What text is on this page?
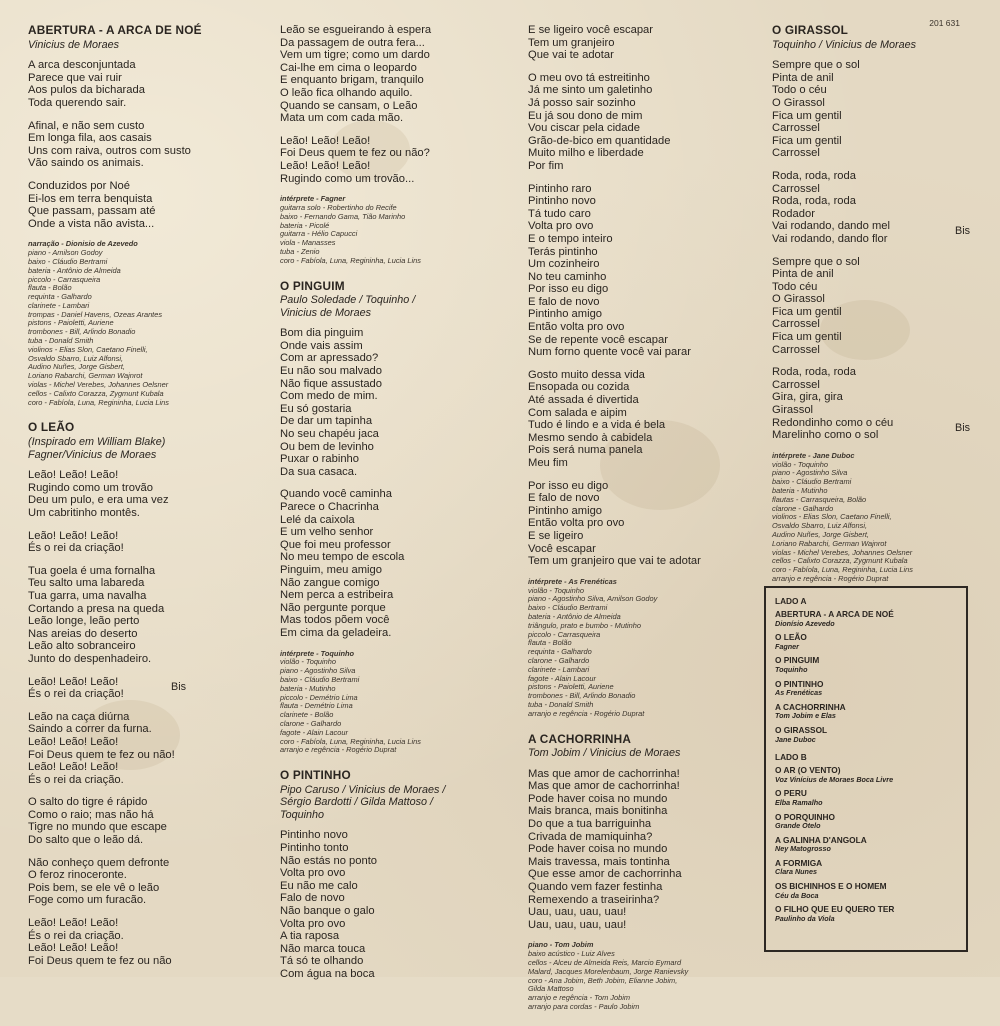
201 631
ABERTURA - A ARCA DE NOÉ
Vinicius de Moraes
A arca desconjuntada
Parece que vai ruir
Aos pulos da bicharada
Toda querendo sair.
Afinal, e não sem custo
Em longa fila, aos casais
Uns com raiva, outros com susto
Vão saindo os animais.
Conduzidos por Noé
Ei-los em terra benquista
Que passam, passam até
Onde a vista não avista...
narração - Dionisio de Azevedo
piano - Amilson Godoy
baixo - Cláudio Bertrami
bateria - Antônio de Almeida
piccolo - Carrasqueira
flauta - Bolão
requinta - Galhardo
clarinete - Lambari
trompas - Daniel Havens, Ozeas Arantes
pistons - Paioletti, Auriene
trombones - Bill, Arlindo Bonadio
tuba - Donald Smith
violinos - Elias Slon, Caetano Finelli,
Osvaldo Sbarro, Luiz Alfonsi,
Audino Nuñes, Jorge Gisbert,
Loriano Rabarchi, German Wajnrot
violas - Michel Verebes, Johannes Oelsner
cellos - Calixto Corazza, Zygmunt Kubala
coro - Fabíola, Luna, Regininha, Lucia Lins
O LEÃO
(Inspirado em William Blake)
Fagner/Vinicius de Moraes
Leão! Leão! Leão!
Rugindo como um trovão
Deu um pulo, e era uma vez
Um cabritinho montês.
Leão! Leão! Leão!
És o rei da criação!
Tua goela é uma fornalha
Teu salto uma labareda
Tua garra, uma navalha
Cortando a presa na queda
Leão longe, leão perto
Nas areias do deserto
Leão alto sobranceiro
Junto do despenhadeiro.
Leão! Leão! Leão!
És o rei da criação!
Bis
Leão na caça diúrna
Saindo a correr da furna.
Leão! Leão! Leão!
Foi Deus quem te fez ou não!
Leão! Leão! Leão!
És o rei da criação.
O salto do tigre é rápido
Como o raio; mas não há
Tigre no mundo que escape
Do salto que o leão dá.
Não conheço quem defronte
O feroz rinoceronte.
Pois bem, se ele vê o leão
Foge como um furacão.
Leão! Leão! Leão!
És o rei da criação.
Leão! Leão! Leão!
Foi Deus quem te fez ou não
Leão se esgueirando à espera
Da passagem de outra fera...
Vem um tigre; como um dardo
Cai-lhe em cima o leopardo
E enquanto brigam, tranquilo
O leão fica olhando aquilo.
Quando se cansam, o Leão
Mata um com cada mão.
Leão! Leão! Leão!
Foi Deus quem te fez ou não?
Leão! Leão! Leão!
Rugindo como um trovão...
intérprete - Fagner
guitarra solo - Robertinho do Recife
baixo - Fernando Gama, Tião Marinho
bateria - Picolé
guitarra - Hélio Capucci
viola - Manasses
tuba - Zenio
coro - Fabíola, Luna, Regininha, Lucia Lins
O PINGUIM
Paulo Soledade / Toquinho /
Vinicius de Moraes
Bom dia pinguim
Onde vais assim
Com ar apressado?
Eu não sou malvado
Não fique assustado
Com medo de mim.
Eu só gostaria
De dar um tapinha
No seu chapéu jaca
Ou bem de levinho
Puxar o rabinho
Da sua casaca.
Quando você caminha
Parece o Chacrinha
Lelé da caixola
E um velho senhor
Que foi meu professor
No meu tempo de escola
Pinguim, meu amigo
Não zangue comigo
Nem perca a estribeira
Não pergunte porque
Mas todos põem você
Em cima da geladeira.
intérprete - Toquinho
violão - Toquinho
piano - Agostinho Silva
baixo - Cláudio Bertrami
bateria - Mutinho
piccolo - Demétrio Lima
flauta - Demétrio Lima
clarinete - Bolão
clarone - Galhardo
fagote - Alain Lacour
coro - Fabíola, Luna, Regininha, Lucia Lins
arranjo e regência - Rogério Duprat
O PINTINHO
Pipo Caruso / Vinicius de Moraes /
Sérgio Bardotti / Gilda Mattoso /
Toquinho
Pintinho novo
Pintinho tonto
Não estás no ponto
Volta pro ovo
Eu não me calo
Falo de novo
Não banque o galo
Volta pro ovo
A tia raposa
Não marca touca
Tá só te olhando
Com água na boca
E se ligeiro você escapar
Tem um granjeiro
Que vai te adotar
O meu ovo tá estreitinho
Já me sinto um galetinho
Já posso sair sozinho
Eu já sou dono de mim
Vou ciscar pela cidade
Grão-de-bico em quantidade
Muito milho e liberdade
Por fim
Pintinho raro
Pintinho novo
Tá tudo caro
Volta pro ovo
E o tempo inteiro
Terás pintinho
Um cozinheiro
No teu caminho
Por isso eu digo
E falo de novo
Pintinho amigo
Então volta pro ovo
Se de repente você escapar
Num forno quente você vai parar
Gosto muito dessa vida
Ensopada ou cozida
Até assada é divertida
Com salada e aipim
Tudo é lindo e a vida é bela
Mesmo sendo à cabidela
Pois será numa panela
Meu fim
Por isso eu digo
E falo de novo
Pintinho amigo
Então volta pro ovo
E se ligeiro
Você escapar
Tem um granjeiro que vai te adotar
intérprete - As Frenéticas
violão - Toquinho
piano - Agostinho Silva, Amilson Godoy
baixo - Cláudio Bertrami
bateria - Antônio de Almeida
triângulo, prato e bumbo - Mutinho
piccolo - Carrasqueira
flauta - Bolão
requinta - Galhardo
clarone - Galhardo
clarinete - Lambari
fagote - Alain Lacour
pistons - Paioletti, Auriene
trombones - Bill, Arlindo Bonadio
tuba - Donald Smith
arranjo e regência - Rogério Duprat
A CACHORRINHA
Tom Jobim / Vinicius de Moraes
Mas que amor de cachorrinha!
Mas que amor de cachorrinha!
Pode haver coisa no mundo
Mais branca, mais bonitinha
Do que a tua barriguinha
Crivada de mamiquinha?
Pode haver coisa no mundo
Mais travessa, mais tontinha
Que esse amor de cachorrinha
Quando vem fazer festinha
Remexendo a traseirinha?
Uau, uau, uau, uau!
Uau, uau, uau, uau!
piano - Tom Jobim
baixo acústico - Luiz Alves
cellos - Alceu de Almeida Reis, Marcio Eymard
Malard, Jacques Morelenbaum, Jorge Ranievsky
coro - Ana Jobim, Beth Jobim, Elianne Jobim,
Gilda Mattoso
arranjo e regência - Tom Jobim
arranjo para cordas - Paulo Jobim
O GIRASSOL
Toquinho / Vinicius de Moraes
Sempre que o sol
Pinta de anil
Todo o céu
O Girassol
Fica um gentil
Carrossel
Fica um gentil
Carrossel
Roda, roda, roda
Carrossel
Roda, roda, roda
Rodador
Vai rodando, dando mel
Vai rodando, dando flor
Bis
Sempre que o sol
Pinta de anil
Todo céu
O Girassol
Fica um gentil
Carrossel
Fica um gentil
Carrossel
Roda, roda, roda
Carrossel
Gira, gira, gira
Girassol
Redondinho como o céu
Marelinho como o sol
Bis
intérprete - Jane Duboc
violão - Toquinho
piano - Agostinho Silva
baixo - Cláudio Bertrami
bateria - Mutinho
flautas - Carrasqueira, Bolão
clarone - Galhardo
violinos - Elias Slon, Caetano Finelli,
Osvaldo Sbarro, Luiz Alfonsi,
Audino Nuñes, Jorge Gisbert,
Loriano Rabarchi, German Wajnrot
violas - Michel Verebes, Johannes Oelsner
cellos - Calixto Corazza, Zygmunt Kubala
coro - Fabíola, Luna, Regininha, Lucia Lins
arranjo e regência - Rogério Duprat
LADO A
ABERTURA - A ARCA DE NOÉ
Dionísio Azevedo
O LEÃO
Fagner
O PINGUIM
Toquinho
O PINTINHO
As Frenéticas
A CACHORRINHA
Tom Jobim e Elas
O GIRASSOL
Jane Duboc
LADO B
O AR (O VENTO)
Voz Vinícius de Moraes Boca Livre
O PERU
Elba Ramalho
O PORQUINHO
Grande Otelo
A GALINHA D'ANGOLA
Ney Matogrosso
A FORMIGA
Clara Nunes
OS BICHINHOS E O HOMEM
Céu da Boca
O FILHO QUE EU QUERO TER
Paulinho da Viola
